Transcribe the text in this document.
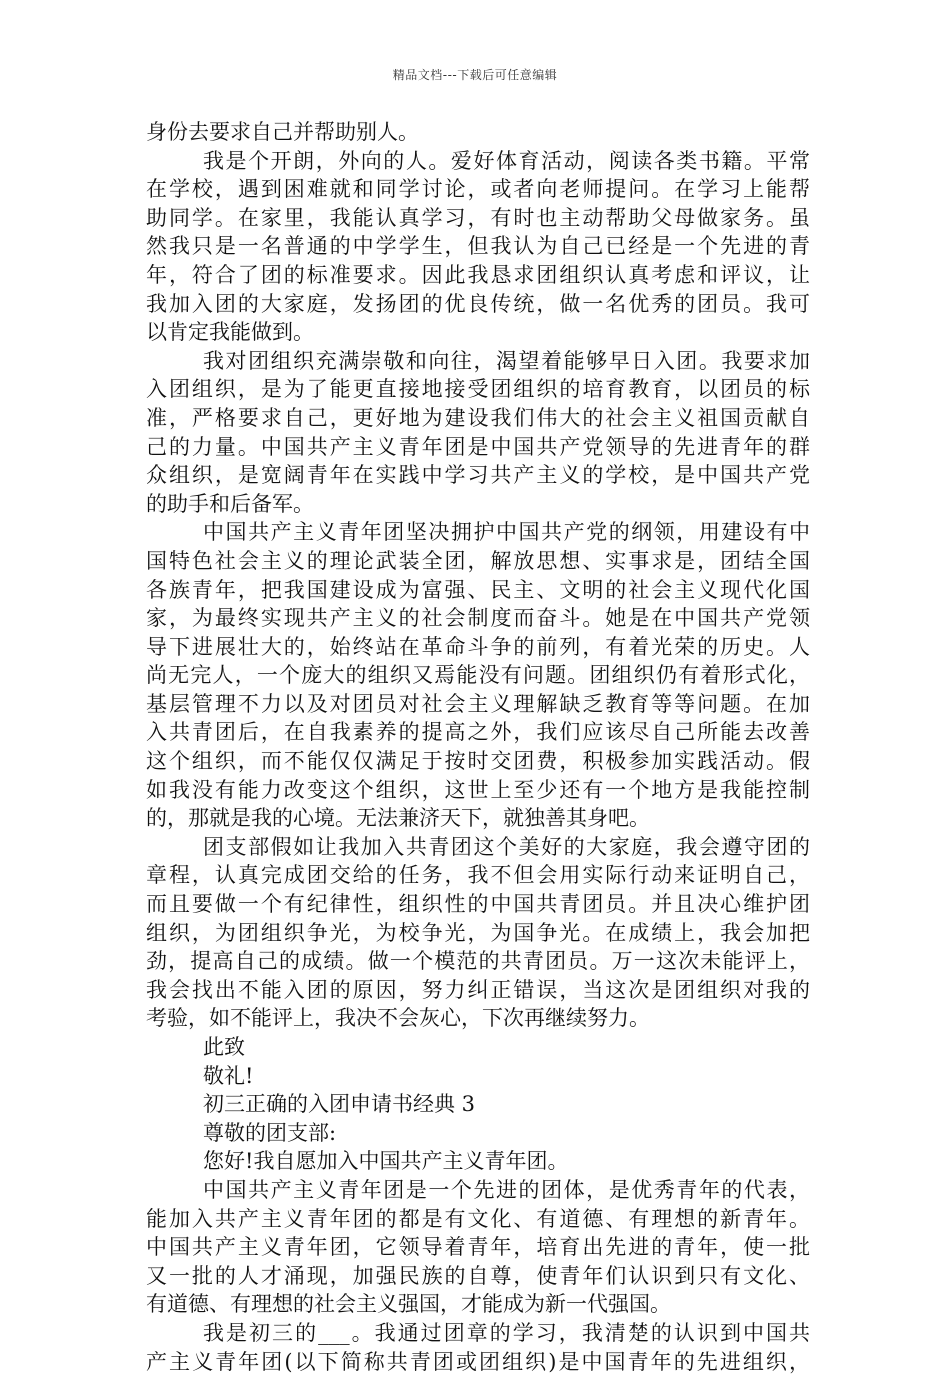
精品文档---下载后可任意编辑
身份去要求自己并帮助别人。
我是个开朗，外向的人。爱好体育活动，阅读各类书籍。平常
在学校，遇到困难就和同学讨论，或者向老师提问。在学习上能帮
助同学。在家里，我能认真学习，有时也主动帮助父母做家务。虽
然我只是一名普通的中学学生，但我认为自己已经是一个先进的青
年，符合了团的标准要求。因此我恳求团组织认真考虑和评议，让
我加入团的大家庭，发扬团的优良传统，做一名优秀的团员。我可
以肯定我能做到。
我对团组织充满崇敬和向往，渴望着能够早日入团。我要求加
入团组织，是为了能更直接地接受团组织的培育教育，以团员的标
准，严格要求自己，更好地为建设我们伟大的社会主义祖国贡献自
己的力量。中国共产主义青年团是中国共产党领导的先进青年的群
众组织，是宽阔青年在实践中学习共产主义的学校，是中国共产党
的助手和后备军。
中国共产主义青年团坚决拥护中国共产党的纲领，用建设有中
国特色社会主义的理论武装全团，解放思想、实事求是，团结全国
各族青年，把我国建设成为富强、民主、文明的社会主义现代化国
家，为最终实现共产主义的社会制度而奋斗。她是在中国共产党领
导下进展壮大的，始终站在革命斗争的前列，有着光荣的历史。人
尚无完人，一个庞大的组织又焉能没有问题。团组织仍有着形式化，
基层管理不力以及对团员对社会主义理解缺乏教育等等问题。在加
入共青团后，在自我素养的提高之外，我们应该尽自己所能去改善
这个组织，而不能仅仅满足于按时交团费，积极参加实践活动。假
如我没有能力改变这个组织，这世上至少还有一个地方是我能控制
的，那就是我的心境。无法兼济天下，就独善其身吧。
团支部假如让我加入共青团这个美好的大家庭，我会遵守团的
章程，认真完成团交给的任务，我不但会用实际行动来证明自己，
而且要做一个有纪律性，组织性的中国共青团员。并且决心维护团
组织，为团组织争光，为校争光，为国争光。在成绩上，我会加把
劲，提高自己的成绩。做一个模范的共青团员。万一这次未能评上，
我会找出不能入团的原因，努力纠正错误，当这次是团组织对我的
考验，如不能评上，我决不会灰心，下次再继续努力。
此致
敬礼!
初三正确的入团申请书经典 3
尊敬的团支部:
您好!我自愿加入中国共产主义青年团。
中国共产主义青年团是一个先进的团体，是优秀青年的代表，
能加入共产主义青年团的都是有文化、有道德、有理想的新青年。
中国共产主义青年团，它领导着青年，培育出先进的青年，使一批
又一批的人才涌现，加强民族的自尊，使青年们认识到只有文化、
有道德、有理想的社会主义强国，才能成为新一代强国。
我是初三的___。我通过团章的学习，我清楚的认识到中国共
产主义青年团(以下简称共青团或团组织)是中国青年的先进组织，
